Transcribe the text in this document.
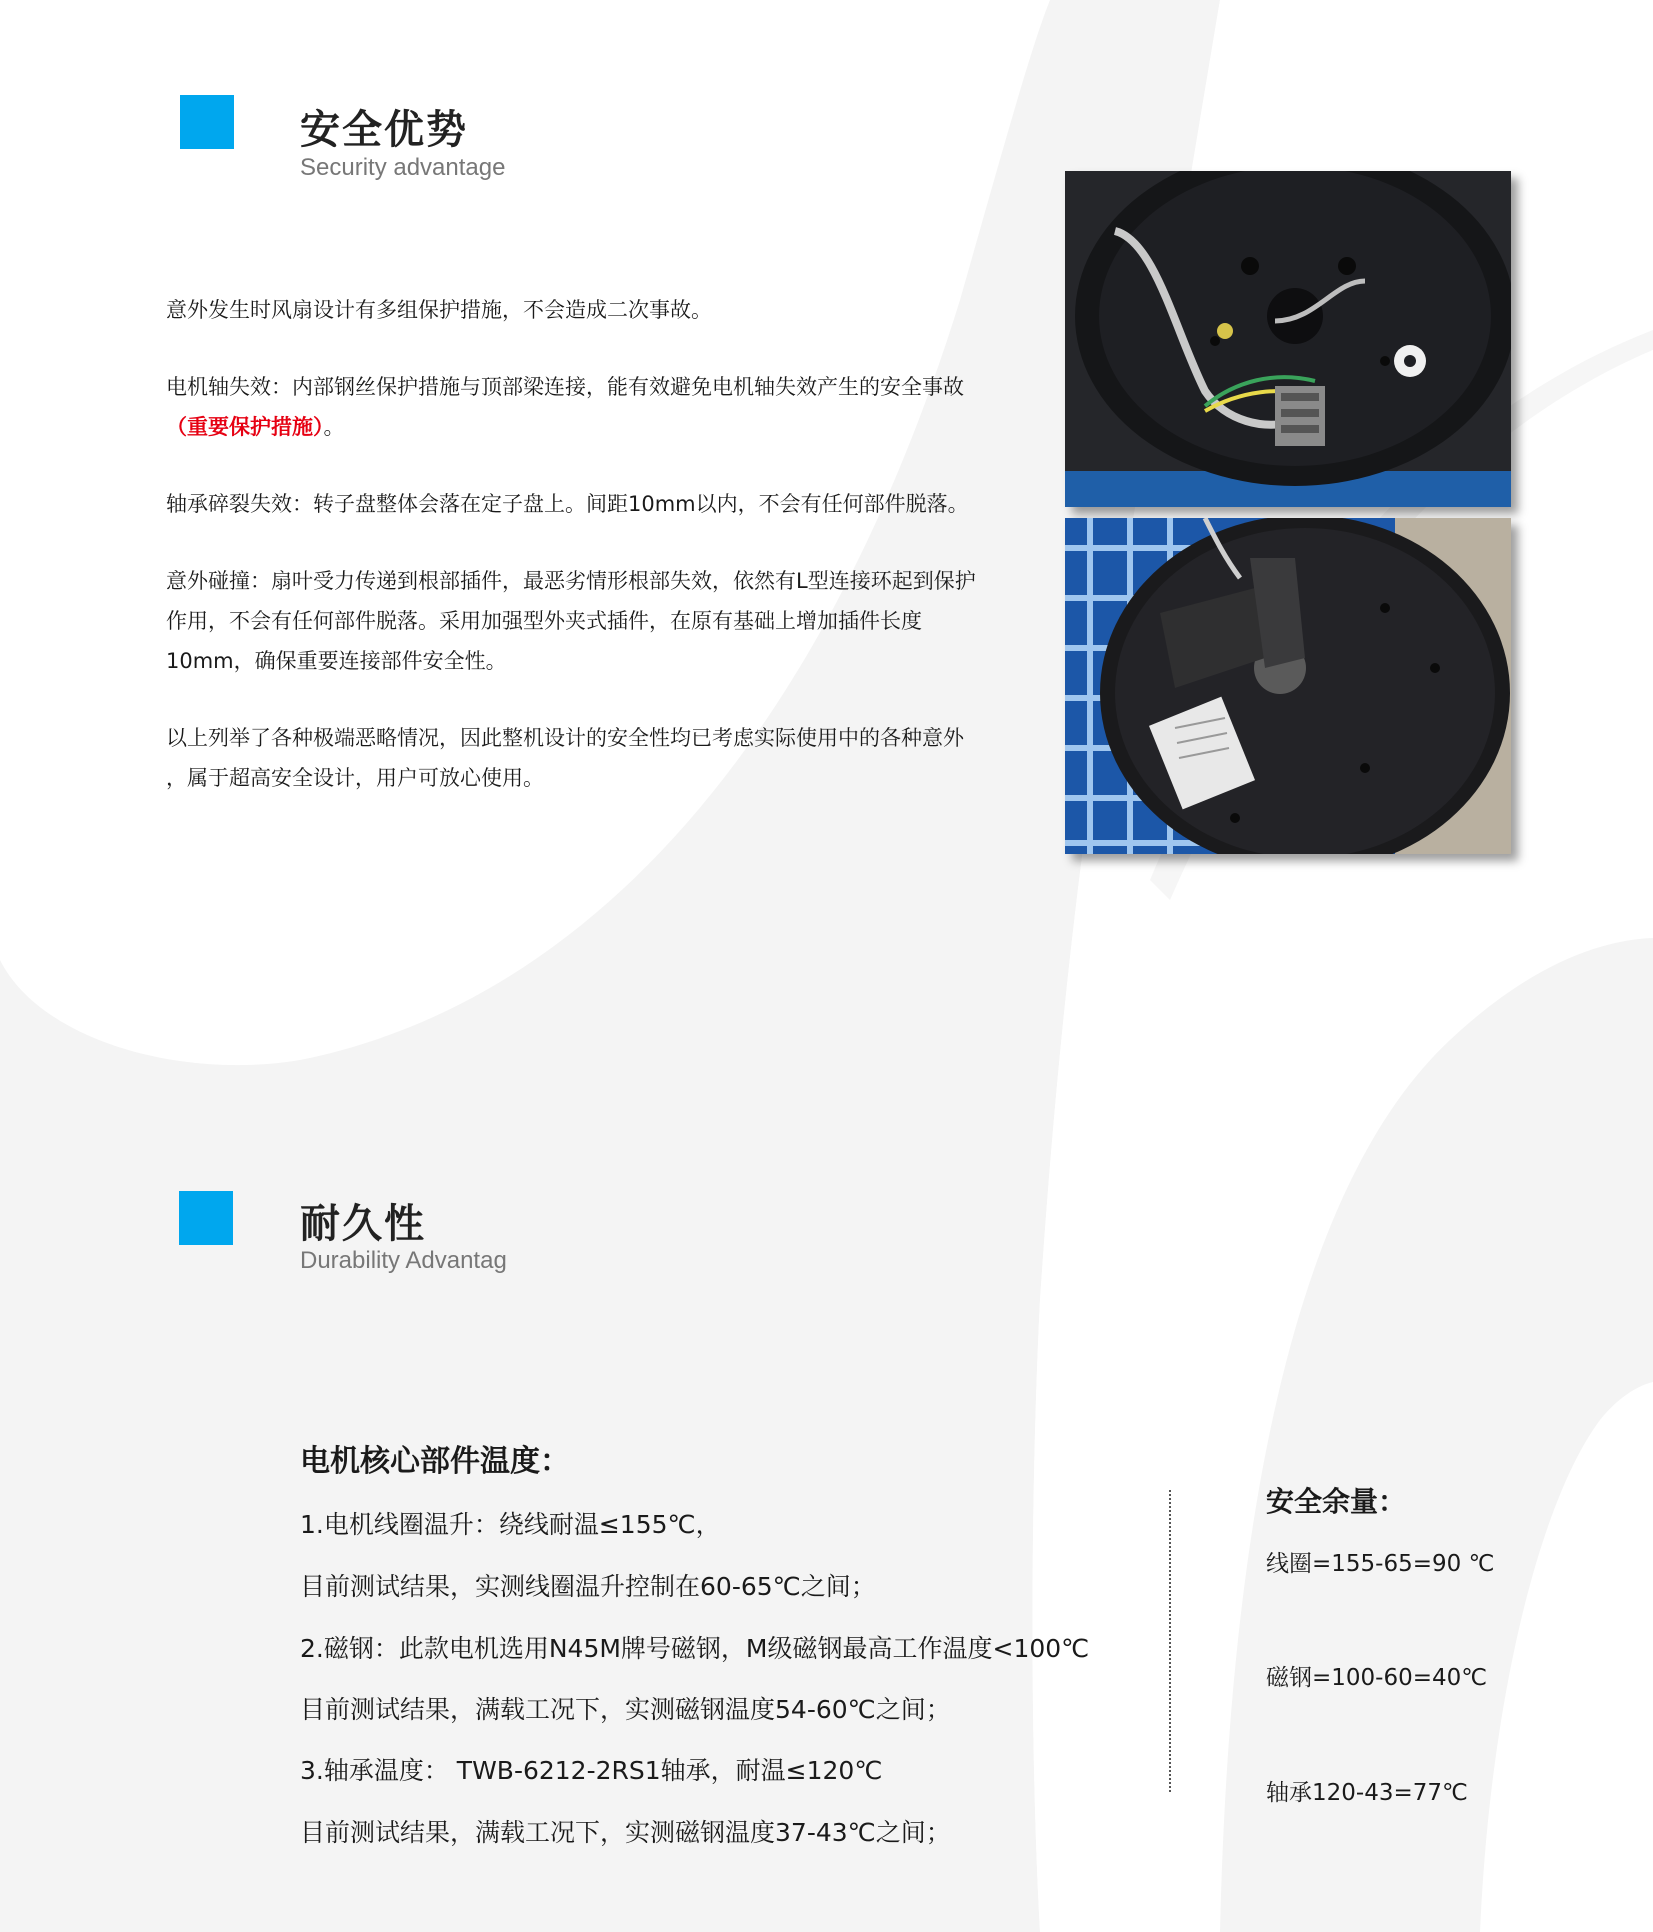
安全优势
Security advantage

意外发生时风扇设计有多组保护措施，不会造成二次事故。

电机轴失效：内部钢丝保护措施与顶部梁连接，能有效避免电机轴失效产生的安全事故
（重要保护措施）。

轴承碎裂失效：转子盘整体会落在定子盘上。间距10mm以内，不会有任何部件脱落。

意外碰撞：扇叶受力传递到根部插件，最恶劣情形根部失效，依然有L型连接环起到保护
作用，不会有任何部件脱落。采用加强型外夹式插件，在原有基础上增加插件长度
10mm，确保重要连接部件安全性。

以上列举了各种极端恶略情况，因此整机设计的安全性均已考虑实际使用中的各种意外
，属于超高安全设计，用户可放心使用。

耐久性
Durability Advantag
电机核心部件温度：
1.电机线圈温升：绕线耐温≤155℃，
目前测试结果，实测线圈温升控制在60-65℃之间；
2.磁钢：此款电机选用N45M牌号磁钢，M级磁钢最高工作温度<100℃
目前测试结果，满载工况下，实测磁钢温度54-60℃之间；
3.轴承温度： TWB-6212-2RS1轴承，耐温≤120℃
目前测试结果，满载工况下，实测磁钢温度37-43℃之间；
安全余量：
线圈=155-65=90 ℃
磁钢=100-60=40℃
轴承120-43=77℃
